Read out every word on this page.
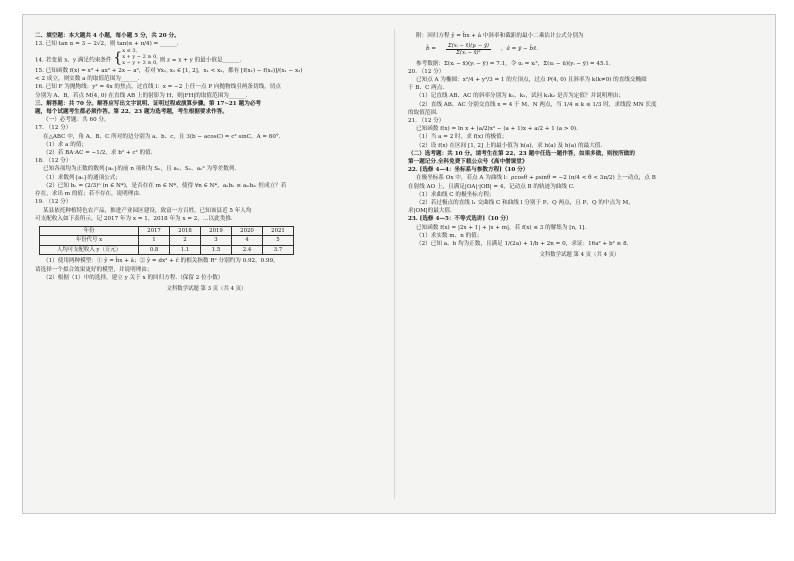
二、填空题：本大题共 4 小题，每小题 5 分，共 20 分。

13. 已知 tan α = 3 − 2√2，则 tan(α + π/4) = ______.

14. 若变量 x、y 满足约束条件 { x ≤ 3,
x + y − 2 ≥ 0,
x − y + 3 ≥ 0, 则 z = x + y 的最小值是______.

15. 已知函数 f(x) = x³ + ax² + 2x − a²，若对 ∀x₁, x₂ ∈ [1, 2]，x₁ < x₂，都有 [f(x₁) − f(x₂)]/(x₁ − x₂)

< 2 成立，则实数 a 的取值范围为______.

16. 已知 F 为抛物线：y² = 4x 的焦点，过直线 l：x = −2 上任一点 P 向抛物线引两条切线，切点

分别为 A、B，若点 M(4, 0) 在直线 AB 上的射影为 H，则|FH|的取值范围为______.

三、解答题：共 70 分。解答应写出文字说明、证明过程或演算步骤。第 17~21 题为必考

题，每个试题考生都必须作答。第 22、23 题为选考题，考生根据要求作答。

（一）必考题：共 60 分。

17. （12 分）

在△ABC 中，角 A、B、C 所对的边分别为 a、b、c，且 3(b − acosC) = c² sinC，A = 60°.

（1）求 a 的值；

（2）若 BA·AC = −1/2，求 b² + c² 的值.

18. （12 分）

已知各项均为正数的数列{aₙ}的前 n 项和为 Sₙ，且 aₙ、Sₙ、aₙ² 为等差数列.

（1）求数列{aₙ}的通项公式；

（2）已知 bₙ = (2/3)ⁿ (n ∈ N*)，是否存在 m ∈ N*，使得 ∀n ∈ N*，aₙbₙ ≤ aₘbₘ 恒成立？若

存在，求出 m 的值；若不存在，说明理由.

19. （12 分）

某县依托种植特色农产品，推进产业园区建设，致富一方百姓，已知该县近 5 年人均

可支配收入如下表所示，记 2017 年为 x = 1，2018 年为 x = 2，…以此类推.

年份	2017	2018	2019	2020	2021
年份代号 x	1	2	3	4	5
人均可支配收入 y（万元）	0.8	1.1	1.5	2.4	3.7

（1）使用两种模型：① ŷ = b̂x + â；② ŷ = dx² + ĉ 的相关指数 R² 分别约为 0.92，0.99，

请选择一个拟合效果更好的模型，并说明理由；

（2）根据（1）中的选择，建立 y 关于 x 的回归方程.（保留 2 位小数）

文科数学试题 第 3 页（共 4 页）

附：回归方程 ŷ = b̂x + â 中斜率和截距的最小二乘估计公式分别为

b̂ = $\frac{\text{Σ(xᵢ − x̄)(yᵢ − ȳ)}}{\text{Σ(xᵢ − x̄)²}}$ ，â = ȳ − b̂x̄.

参考数据：Σ(xᵢ − x̄)(yᵢ − ȳ) = 7.1，令 uᵢ = xᵢ²，Σ(uᵢ − ū)(yᵢ − ȳ) = 45.1.

20. （12 分）

已知点 A 为椭圆：x²/4 + y²/3 = 1 的左顶点，过点 P(4, 0) 且斜率为 k(k≠0) 的直线交椭圆

于 B、C 两点.

（1）记直线 AB、AC 的斜率分别为 k₁、k₂，试问 k₁k₂ 是否为定值？并说明理由；

（2）直线 AB、AC 分别交直线 x = 4 于 M、N 两点，当 1/4 ≤ k ≤ 1/3 时，求线段 MN 长度

的取值范围.

21. （12 分）

已知函数 f(x) = ln x + (a/2)x² − (a + 1)x + a/2 + 1 (a > 0).

（1）当 a = 2 时，求 f(x) 的极值；

（2）设 f(x) 在区间 [1, 2] 上的最小值为 h(a)，求 h(a) 及 h(a) 的最大值.

（二）选考题：共 10 分。请考生在第 22、23 题中任选一题作答，如果多做，则按所做的

第一题记分.全科免费下载公众号《高中僧课堂》

22. [选修 4—4：坐标系与参数方程]（10 分）

在极坐标系 Ox 中，若点 A 为曲线 l：ρcosθ + ρsinθ = −2 (π/4 < θ < 3π/2) 上一动点，点 B

在射线 AO 上，且满足|OA|·|OB| = 4，记动点 B 的轨迹为曲线 C.

（1）求曲线 C 的极坐标方程；

（2）若过极点的直线 l₁ 交曲线 C 和曲线 l 分别于 P、Q 两点，且 P、Q 的中点为 M，

求|OM|的最大值.

23. [选修 4—5：不等式选讲]（10 分）

已知函数 f(x) = |2x + 1| + |x + m|，若 f(x) ≤ 3 的解集为 [n, 1].

（1）求实数 m、n 的值；

（2）已知 a、b 均为正数，且满足 1/(2a) + 1/b + 2n = 0，求证：16a² + b² ≥ 8.

文科数学试题 第 4 页（共 4 页）
